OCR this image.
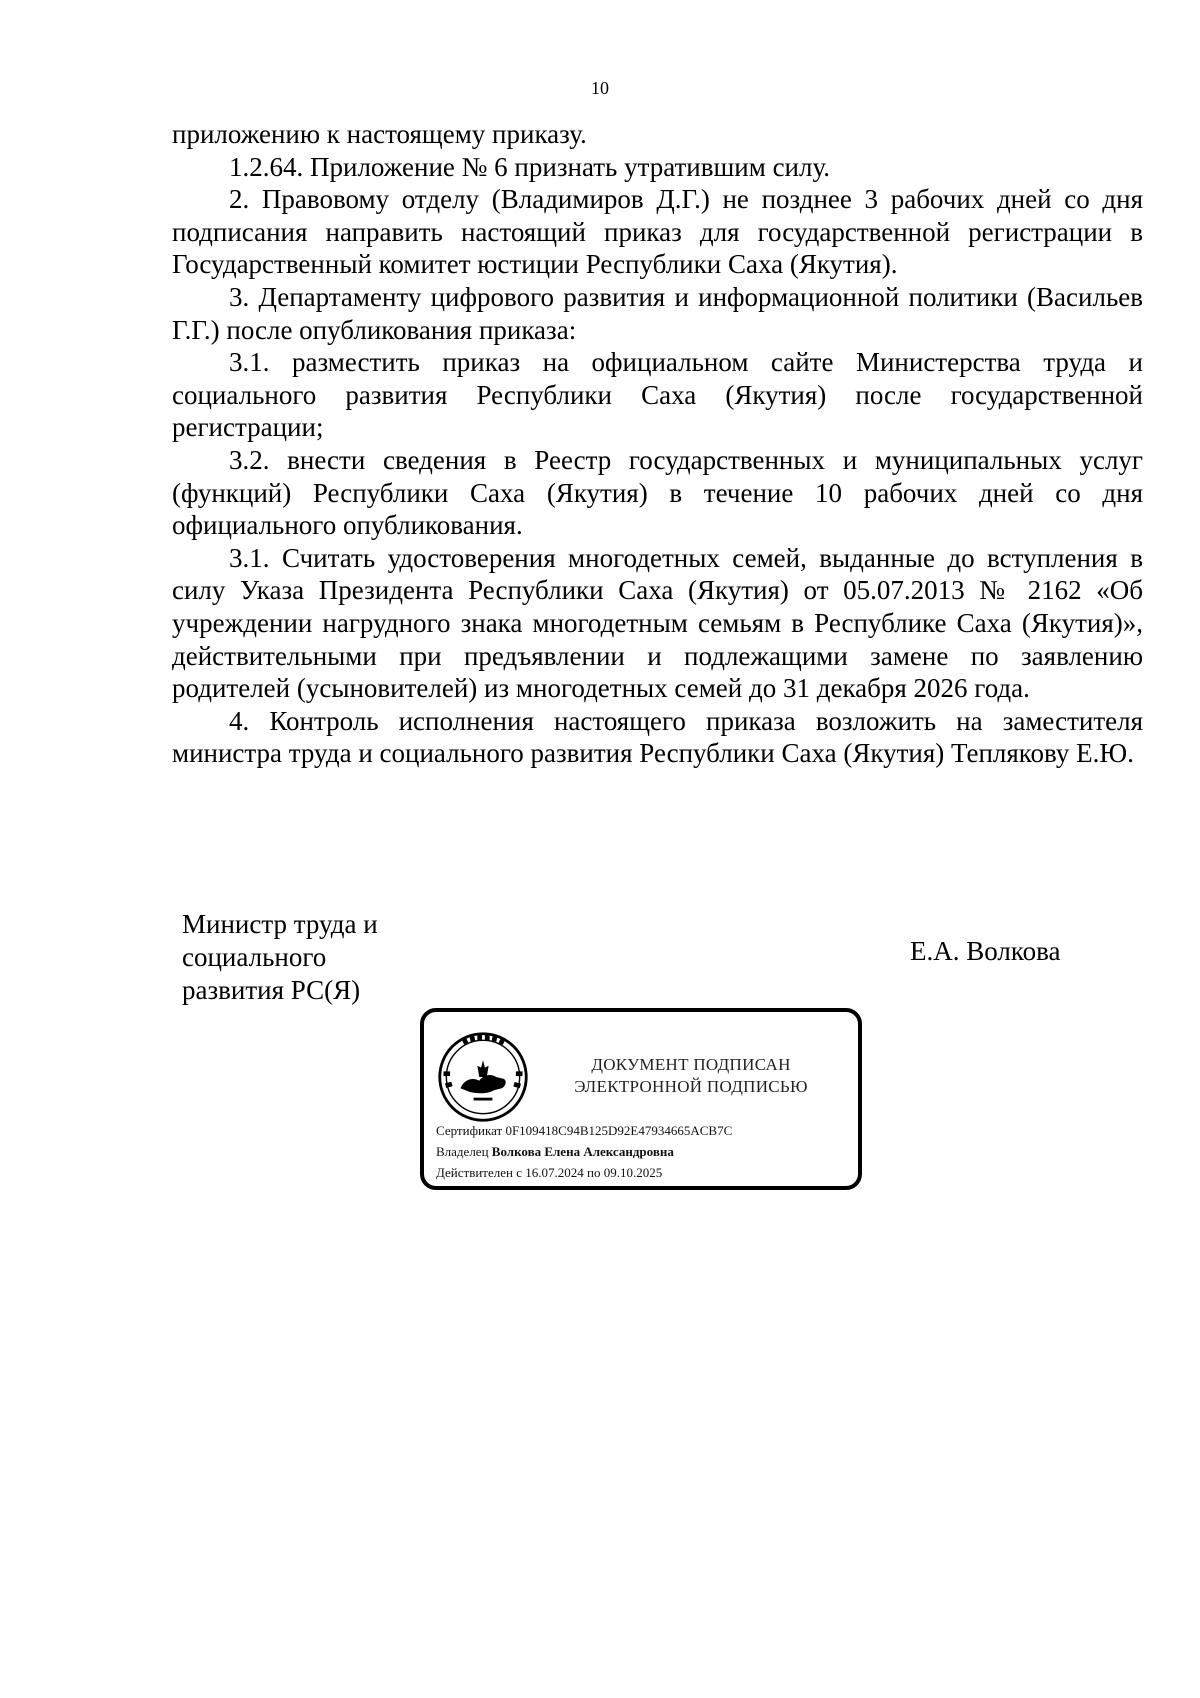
10

приложению к настоящему приказу.

1.2.64. Приложение № 6 признать утратившим силу.

2. Правовому отделу (Владимиров Д.Г.) не позднее 3 рабочих дней со дня подписания направить настоящий приказ для государственной регистрации в Государственный комитет юстиции Республики Саха (Якутия).

3. Департаменту цифрового развития и информационной политики (Васильев Г.Г.) после опубликования приказа:

3.1. разместить приказ на официальном сайте Министерства труда и социального развития Республики Саха (Якутия) после государственной регистрации;

3.2. внести сведения в Реестр государственных и муниципальных услуг (функций) Республики Саха (Якутия) в течение 10 рабочих дней со дня официального опубликования.

3.1. Считать удостоверения многодетных семей, выданные до вступления в силу Указа Президента Республики Саха (Якутия) от 05.07.2013 № 2162 «Об учреждении нагрудного знака многодетным семьям в Республике Саха (Якутия)», действительными при предъявлении и подлежащими замене по заявлению родителей (усыновителей) из многодетных семей до 31 декабря 2026 года.

4. Контроль исполнения настоящего приказа возложить на заместителя министра труда и социального развития Республики Саха (Якутия) Теплякову Е.Ю.

Министр труда и
социального
развития РС(Я)
Е.А. Волкова
ДОКУМЕНТ ПОДПИСАН
ЭЛЕКТРОННОЙ ПОДПИСЬЮ
Сертификат 0F109418C94B125D92E47934665ACB7C
Владелец Волкова Елена Александровна
Действителен с 16.07.2024 по 09.10.2025
